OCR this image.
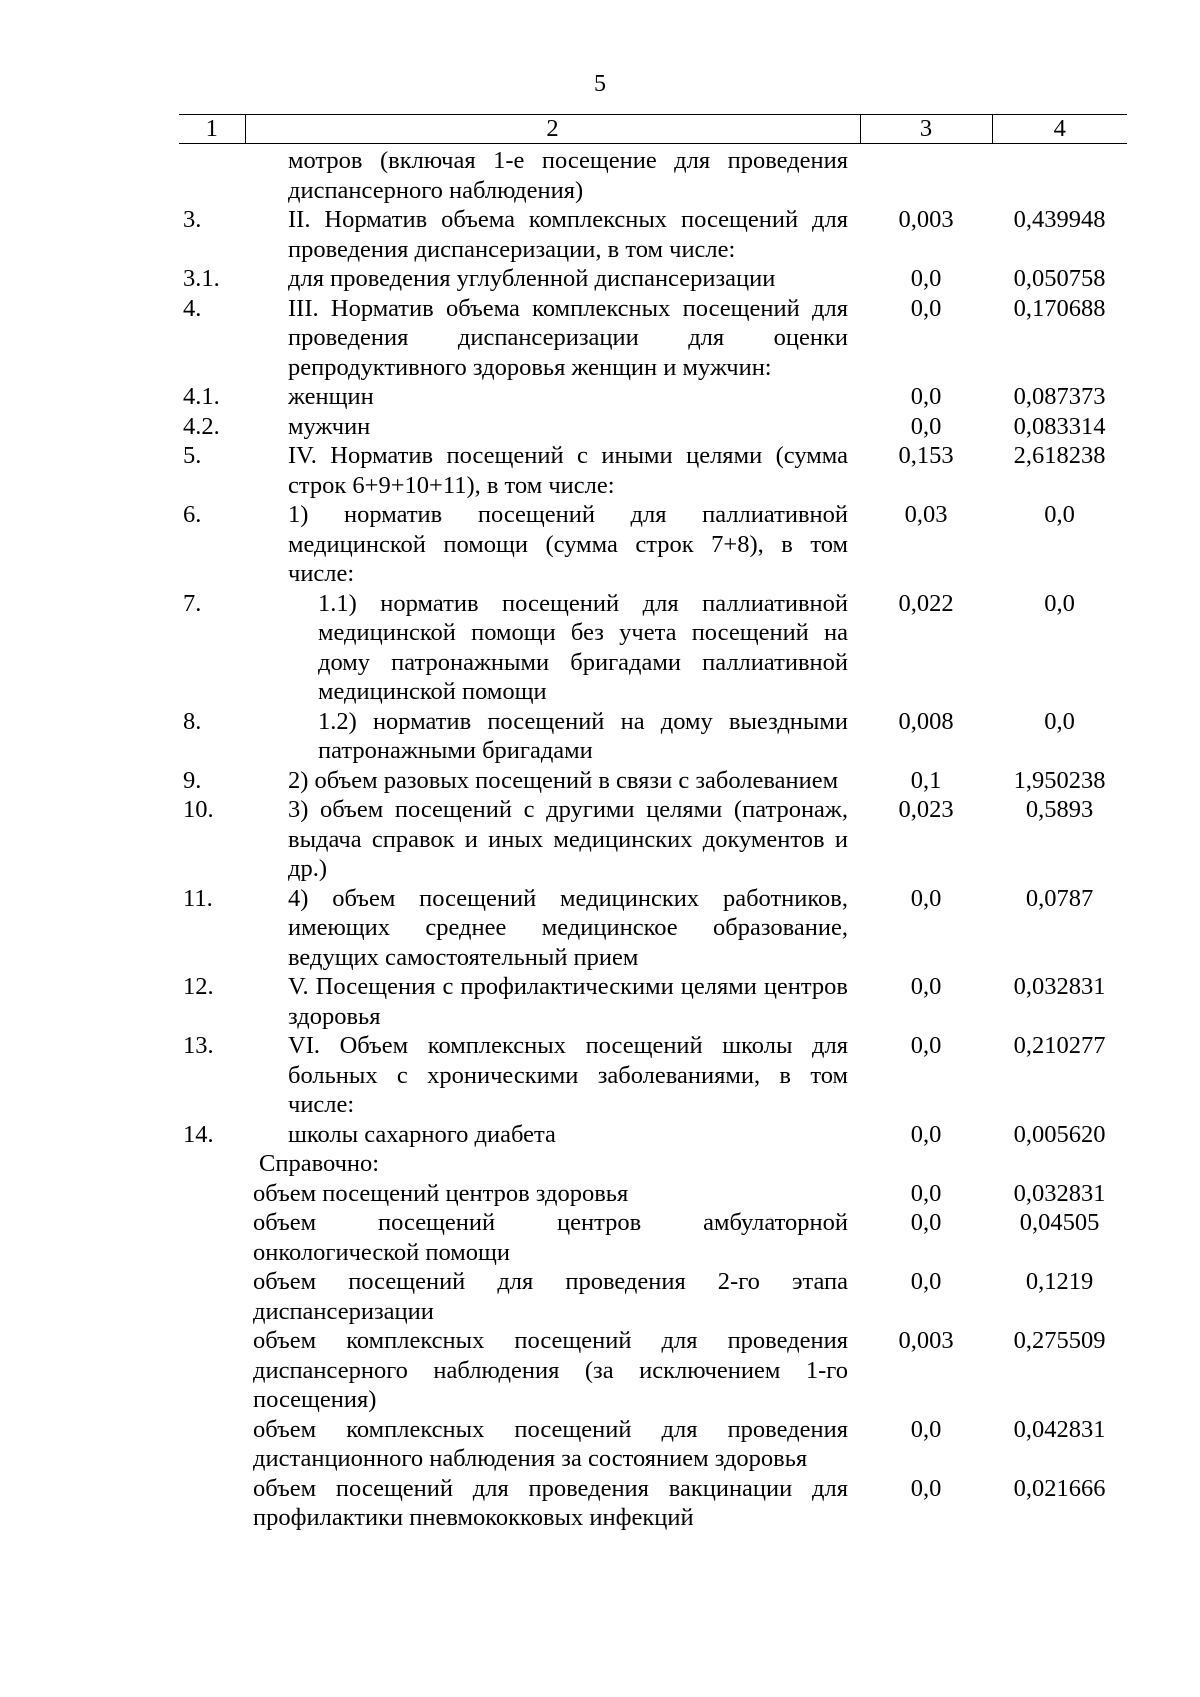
5
1	2	3	4
	мотров (включая 1-е посещение для проведения диспансерного наблюдения)		
3.	II. Норматив объема комплексных посещений для проведения диспансеризации, в том числе:	0,003	0,439948
3.1.	для проведения углубленной диспансеризации	0,0	0,050758
4.	III. Норматив объема комплексных посещений для проведения диспансеризации для оценки репродуктивного здоровья женщин и мужчин:	0,0	0,170688
4.1.	женщин	0,0	0,087373
4.2.	мужчин	0,0	0,083314
5.	IV. Норматив посещений с иными целями (сумма строк 6+9+10+11), в том числе:	0,153	2,618238
6.	1) норматив посещений для паллиативной медицинской помощи (сумма строк 7+8), в том числе:	0,03	0,0
7.	1.1) норматив посещений для паллиативной медицинской помощи без учета посещений на дому патронажными бригадами паллиативной медицинской помощи	0,022	0,0
8.	1.2) норматив посещений на дому выездными патронажными бригадами	0,008	0,0
9.	2) объем разовых посещений в связи с заболеванием	0,1	1,950238
10.	3) объем посещений с другими целями (патронаж, выдача справок и иных медицинских документов и др.)	0,023	0,5893
11.	4) объем посещений медицинских работников, имеющих среднее медицинское образование, ведущих самостоятельный прием	0,0	0,0787
12.	V. Посещения с профилактическими целями центров здоровья	0,0	0,032831
13.	VI. Объем комплексных посещений школы для больных с хроническими заболеваниями, в том числе:	0,0	0,210277
14.	школы сахарного диабета	0,0	0,005620
	Справочно:		
	объем посещений центров здоровья	0,0	0,032831
	объем посещений центров амбулаторной онкологической помощи	0,0	0,04505
	объем посещений для проведения 2-го этапа диспансеризации	0,0	0,1219
	объем комплексных посещений для проведения диспансерного наблюдения (за исключением 1-го посещения)	0,003	0,275509
	объем комплексных посещений для проведения дистанционного наблюдения за состоянием здоровья	0,0	0,042831
	объем посещений для проведения вакцинации для профилактики пневмококковых инфекций	0,0	0,021666
